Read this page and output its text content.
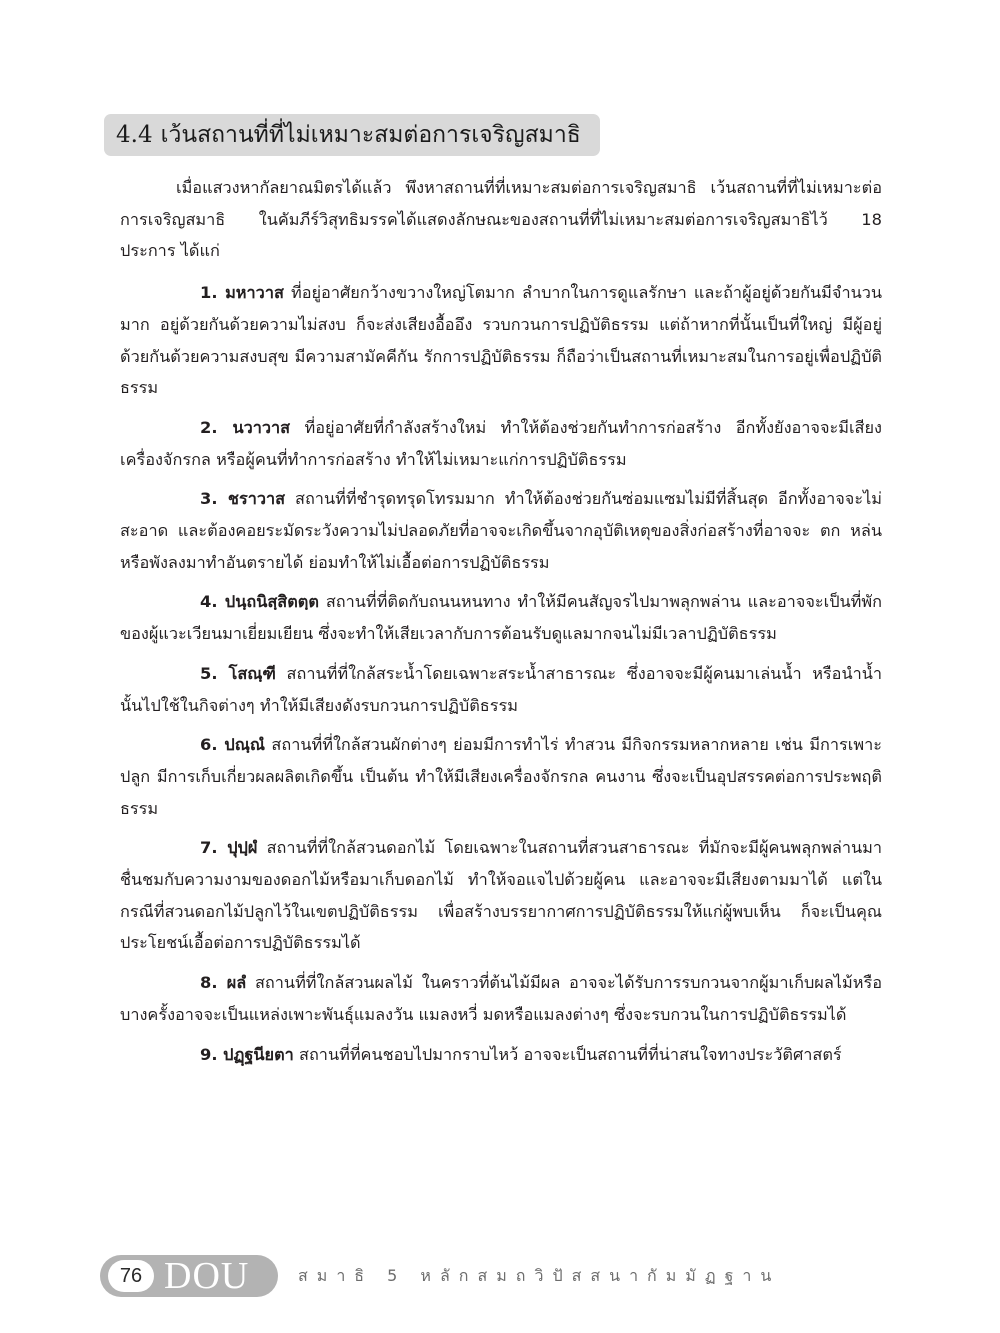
4.4 เว้นสถานที่ที่ไม่เหมาะสมต่อการเจริญสมาธิ

เมื่อแสวงหากัลยาณมิตรได้แล้ว พึงหาสถานที่ที่เหมาะสมต่อการเจริญสมาธิ เว้นสถานที่ที่ไม่เหมาะต่อการเจริญสมาธิ ในคัมภีร์วิสุทธิมรรคได้แสดงลักษณะของสถานที่ที่ไม่เหมาะสมต่อการเจริญสมาธิไว้ 18 ประการ ได้แก่

1. มหาวาส ที่อยู่อาศัยกว้างขวางใหญ่โตมาก ลำบากในการดูแลรักษา และถ้าผู้อยู่ด้วยกันมีจำนวนมาก อยู่ด้วยกันด้วยความไม่สงบ ก็จะส่งเสียงอื้ออึง รวบกวนการปฏิบัติธรรม แต่ถ้าหากที่นั้นเป็นที่ใหญ่ มีผู้อยู่ด้วยกันด้วยความสงบสุข มีความสามัคคีกัน รักการปฏิบัติธรรม ก็ถือว่าเป็นสถานที่เหมาะสมในการอยู่เพื่อปฏิบัติธรรม

2. นวาวาส ที่อยู่อาศัยที่กำลังสร้างใหม่ ทำให้ต้องช่วยกันทำการก่อสร้าง อีกทั้งยังอาจจะมีเสียงเครื่องจักรกล หรือผู้คนที่ทำการก่อสร้าง ทำให้ไม่เหมาะแก่การปฏิบัติธรรม

3. ชราวาส สถานที่ที่ชำรุดทรุดโทรมมาก ทำให้ต้องช่วยกันซ่อมแซมไม่มีที่สิ้นสุด อีกทั้งอาจจะไม่สะอาด และต้องคอยระมัดระวังความไม่ปลอดภัยที่อาจจะเกิดขึ้นจากอุบัติเหตุของสิ่งก่อสร้างที่อาจจะ ตก หล่น หรือพังลงมาทำอันตรายได้ ย่อมทำให้ไม่เอื้อต่อการปฏิบัติธรรม

4. ปนฺถนิสฺสิตตฺต สถานที่ที่ติดกับถนนหนทาง ทำให้มีคนสัญจรไปมาพลุกพล่าน และอาจจะเป็นที่พักของผู้แวะเวียนมาเยี่ยมเยียน ซึ่งจะทำให้เสียเวลากับการต้อนรับดูแลมากจนไม่มีเวลาปฏิบัติธรรม

5. โสณฺฑี สถานที่ที่ใกล้สระน้ำโดยเฉพาะสระน้ำสาธารณะ ซึ่งอาจจะมีผู้คนมาเล่นน้ำ หรือนำน้ำนั้นไปใช้ในกิจต่างๆ ทำให้มีเสียงดังรบกวนการปฏิบัติธรรม

6. ปณฺณํ สถานที่ที่ใกล้สวนผักต่างๆ ย่อมมีการทำไร่ ทำสวน มีกิจกรรมหลากหลาย เช่น มีการเพาะปลูก มีการเก็บเกี่ยวผลผลิตเกิดขึ้น เป็นต้น ทำให้มีเสียงเครื่องจักรกล คนงาน ซึ่งจะเป็นอุปสรรคต่อการประพฤติธรรม

7. ปุปฺผํ สถานที่ที่ใกล้สวนดอกไม้ โดยเฉพาะในสถานที่สวนสาธารณะ ที่มักจะมีผู้คนพลุกพล่านมาชื่นชมกับความงามของดอกไม้หรือมาเก็บดอกไม้ ทำให้จอแจไปด้วยผู้คน และอาจจะมีเสียงตามมาได้ แต่ในกรณีที่สวนดอกไม้ปลูกไว้ในเขตปฏิบัติธรรม เพื่อสร้างบรรยากาศการปฏิบัติธรรมให้แก่ผู้พบเห็น ก็จะเป็นคุณประโยชน์เอื้อต่อการปฏิบัติธรรมได้

8. ผลํ สถานที่ที่ใกล้สวนผลไม้ ในคราวที่ต้นไม้มีผล อาจจะได้รับการรบกวนจากผู้มาเก็บผลไม้หรือบางครั้งอาจจะเป็นแหล่งเพาะพันธุ์แมลงวัน แมลงหวี่ มดหรือแมลงต่างๆ ซึ่งจะรบกวนในการปฏิบัติธรรมได้

9. ปฏฺฐนียตา สถานที่ที่คนชอบไปมากราบไหว้ อาจจะเป็นสถานที่ที่น่าสนใจทางประวัติศาสตร์

76 DOU	สมาธิ 5 หลักสมถวิปัสสนากัมมัฏฐาน
